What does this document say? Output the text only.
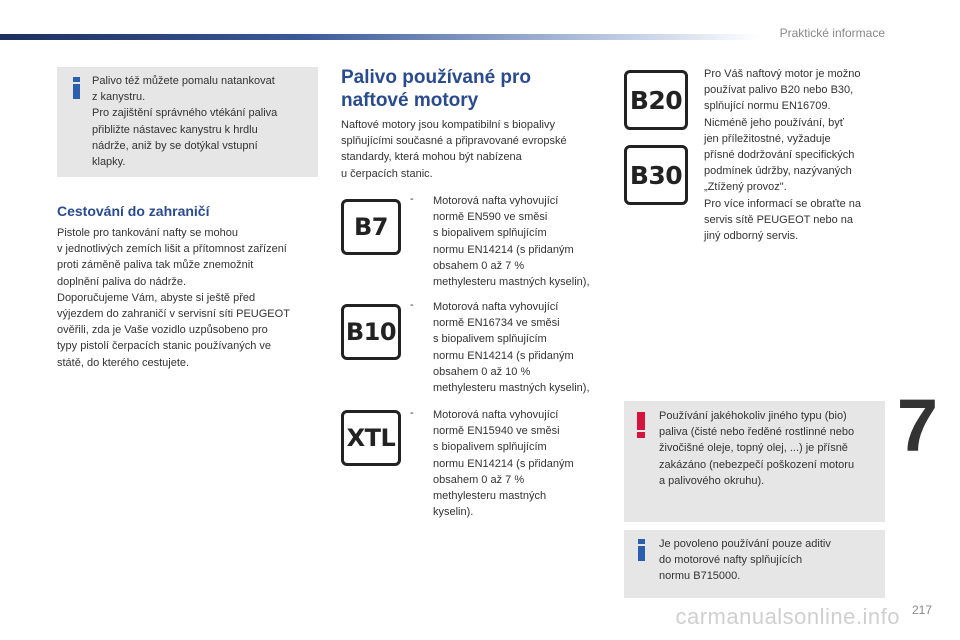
Praktické informace
Palivo též můžete pomalu natankovat
z kanystru.
Pro zajištění správného vtékání paliva
přibližte nástavec kanystru k hrdlu
nádrže, aniž by se dotýkal vstupní
klapky.
Cestování do zahraničí
Pistole pro tankování nafty se mohou
v jednotlivých zemích lišit a přítomnost zařízení
proti záměně paliva tak může znemožnit
doplnění paliva do nádrže.
Doporučujeme Vám, abyste si ještě před
výjezdem do zahraničí v servisní síti PEUGEOT
ověřili, zda je Vaše vozidlo uzpůsobeno pro
typy pistolí čerpacích stanic používaných ve
státě, do kterého cestujete.
Palivo používané pro
naftové motory
Naftové motory jsou kompatibilní s biopalivy
splňujícími současné a připravované evropské
standardy, která mohou být nabízena
u čerpacích stanic.
B7
- Motorová nafta vyhovující
normě EN590 ve směsi
s biopalivem splňujícím
normu EN14214 (s přidaným
obsahem 0 až 7 %
methylesteru mastných kyselin),
B10
- Motorová nafta vyhovující
normě EN16734 ve směsi
s biopalivem splňujícím
normu EN14214 (s přidaným
obsahem 0 až 10 %
methylesteru mastných kyselin),
XTL
- Motorová nafta vyhovující
normě EN15940 ve směsi
s biopalivem splňujícím
normu EN14214 (s přidaným
obsahem 0 až 7 %
methylesteru mastných
kyselin).
B20
B30
Pro Váš naftový motor je možno
používat palivo B20 nebo B30,
splňující normu EN16709.
Nicméně jeho používání, byť
jen příležitostné, vyžaduje
přísné dodržování specifických
podmínek údržby, nazývaných
„Ztížený provoz".
Pro více informací se obraťte na
servis sítě PEUGEOT nebo na
jiný odborný servis.
Používání jakéhokoliv jiného typu (bio)
paliva (čisté nebo ředěné rostlinné nebo
živočišné oleje, topný olej, ...) je přísně
zakázáno (nebezpečí poškození motoru
a palivového okruhu).
Je povoleno používání pouze aditiv
do motorové nafty splňujících
normu B715000.
7
carmanualsonline.info 217
